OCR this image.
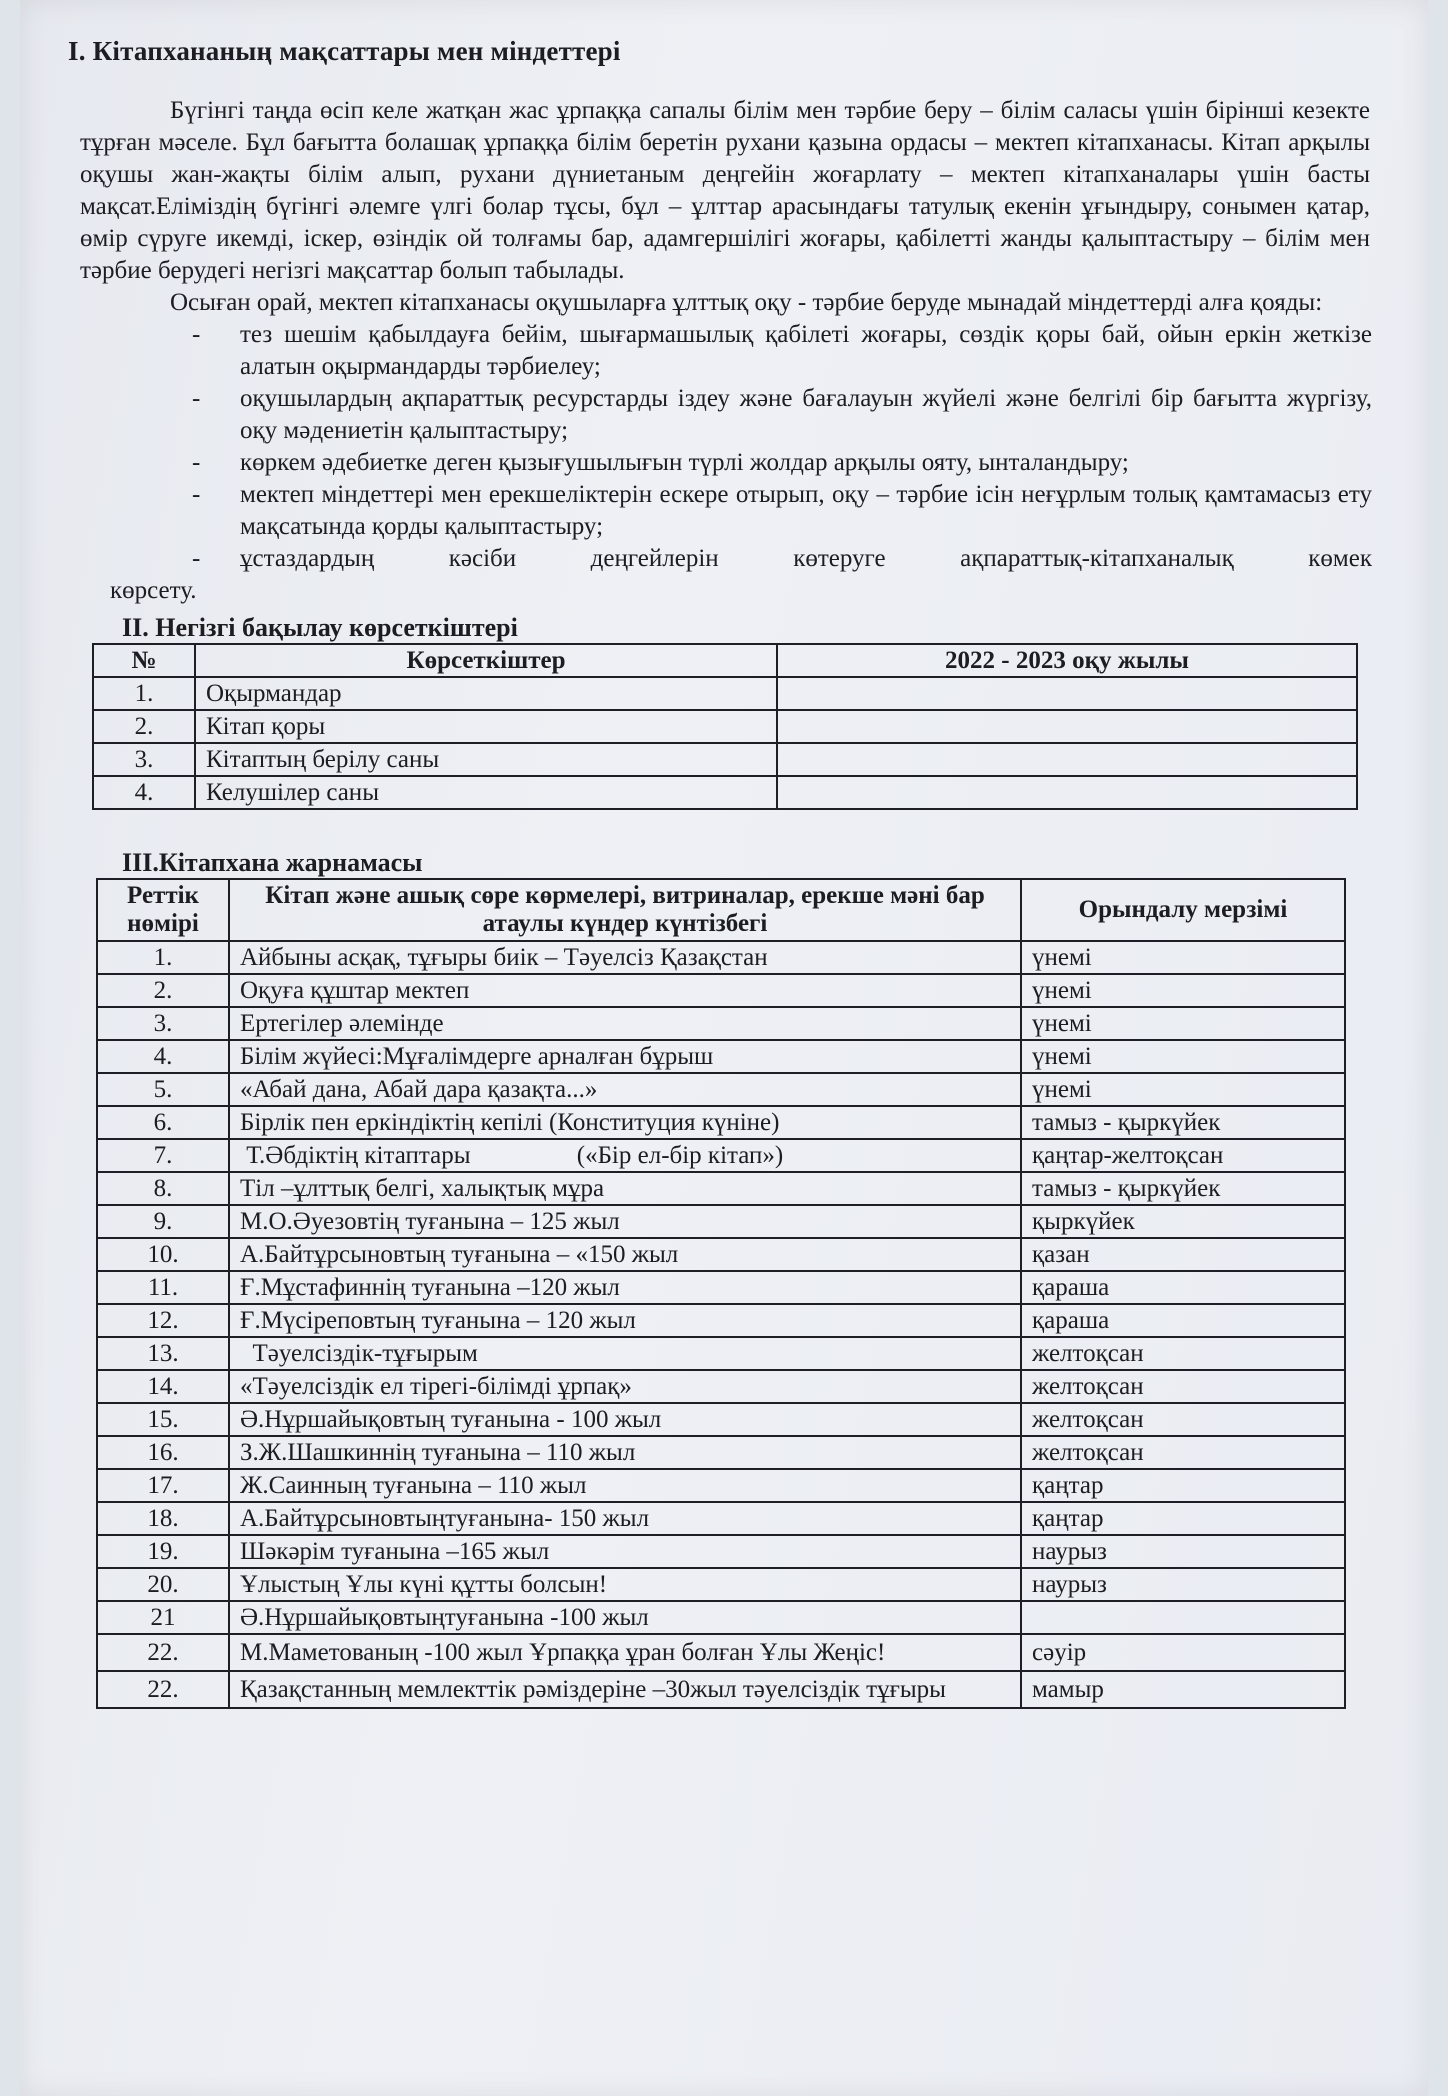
I. Кітапхананың мақсаттары мен міндеттері

Бүгінгі таңда өсіп келе жатқан жас ұрпаққа сапалы білім мен тәрбие беру – білім саласы үшін бірінші кезекте тұрған мәселе. Бұл бағытта болашақ ұрпаққа білім беретін рухани қазына ордасы – мектеп кітапханасы. Кітап арқылы оқушы жан-жақты білім алып, рухани дүниетаным деңгейін жоғарлату – мектеп кітапханалары үшін басты мақсат.Еліміздің бүгінгі әлемге үлгі болар тұсы, бұл – ұлттар арасындағы татулық екенін ұғындыру, сонымен қатар, өмір сүруге икемді, іскер, өзіндік ой толғамы бар, адамгершілігі жоғары, қабілетті жанды қалыптастыру – білім мен тәрбие берудегі негізгі мақсаттар болып табылады.

Осыған орай, мектеп кітапханасы оқушыларға ұлттық оқу - тәрбие беруде мынадай міндеттерді алға қояды:

- тез шешім қабылдауға бейім, шығармашылық қабілеті жоғары, сөздік қоры бай, ойын еркін жеткізе алатын оқырмандарды тәрбиелеу;
- оқушылардың ақпараттық ресурстарды іздеу және бағалауын жүйелі және белгілі бір бағытта жүргізу, оқу мәдениетін қалыптастыру;
- көркем әдебиетке деген қызығушылығын түрлі жолдар арқылы ояту, ынталандыру;
- мектеп міндеттері мен ерекшеліктерін ескере отырып, оқу – тәрбие ісін неғұрлым толық қамтамасыз ету мақсатында қорды қалыптастыру;
- ұстаздардың кәсіби деңгейлерін көтеруге ақпараттық-кітапханалық көмек
көрсету.
II. Негізгі бақылау көрсеткіштері
№	Көрсеткіштер	2022 - 2023 оқу жылы
1.	Оқырмандар	
2.	Кітап қоры	
3.	Кітаптың берілу саны	
4.	Келушілер саны	
III.Кітапхана жарнамасы
Реттік нөмірі	Кітап және ашық сөре көрмелері, витриналар, ерекше мәні бар атаулы күндер күнтізбегі	Орындалу мерзімі
1.	Айбыны асқақ, тұғыры биік – Тәуелсіз Қазақстан	үнемі
2.	Оқуға құштар мектеп	үнемі
3.	Ертегілер әлемінде	үнемі
4.	Білім жүйесі:Мұғалімдерге арналған бұрыш	үнемі
5.	«Абай дана, Абай дара қазақта...»	үнемі
6.	Бірлік пен еркіндіктің кепілі (Конституция күніне)	тамыз - қыркүйек
7.	Т.Әбдіктің кітаптары                 («Бір ел-бір кітап»)	қаңтар-желтоқсан
8.	Тіл –ұлттық белгі, халықтық мұра	тамыз - қыркүйек
9.	М.О.Әуезовтің туғанына – 125 жыл	қыркүйек
10.	А.Байтұрсыновтың туғанына – «150 жыл	қазан
11.	Ғ.Мұстафиннің туғанына –120 жыл	қараша
12.	Ғ.Мүсіреповтың туғанына – 120 жыл	қараша
13.	Тәуелсіздік-тұғырым	желтоқсан
14.	«Тәуелсіздік ел тірегі-білімді ұрпақ»	желтоқсан
15.	Ә.Нұршайықовтың туғанына - 100 жыл	желтоқсан
16.	З.Ж.Шашкиннің туғанына – 110 жыл	желтоқсан
17.	Ж.Саинның туғанына – 110 жыл	қаңтар
18.	А.Байтұрсыновтыңтуғанына- 150 жыл	қаңтар
19.	Шәкәрім туғанына –165 жыл	наурыз
20.	Ұлыстың Ұлы күні құтты болсын!	наурыз
21	Ә.Нұршайықовтыңтуғанына -100 жыл	
22.	М.Маметованың -100 жыл Ұрпаққа ұран болған Ұлы Жеңіс!	сәуір
22.	Қазақстанның мемлекттік рәміздеріне –30жыл тәуелсіздік тұғыры	мамыр
